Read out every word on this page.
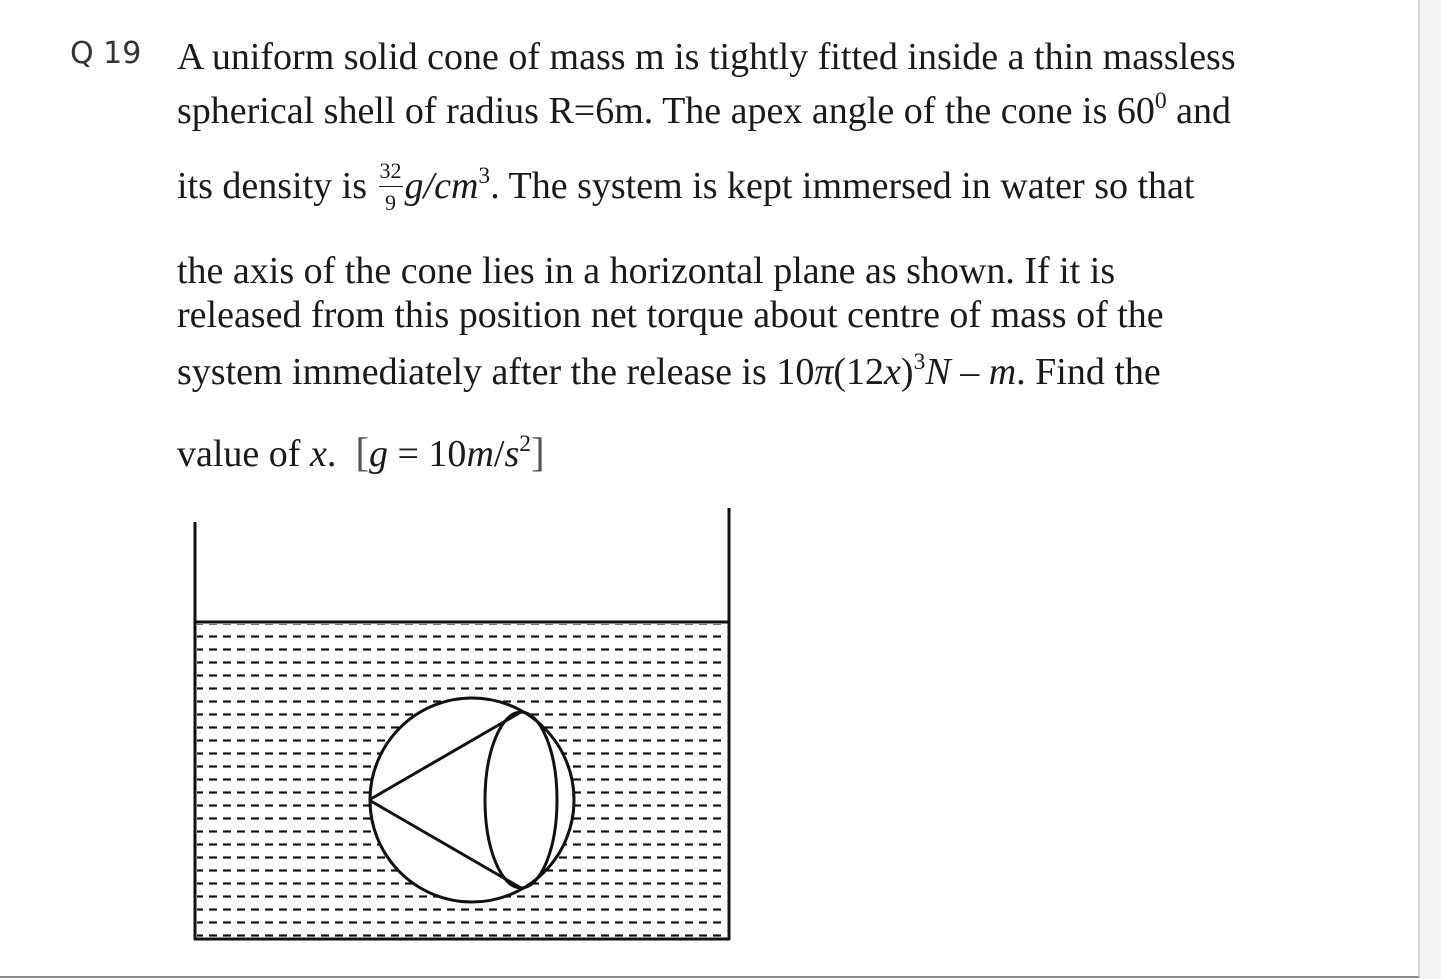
Q 19 A uniform solid cone of mass m is tightly fitted inside a thin massless
spherical shell of radius R=6m. The apex angle of the cone is $60^0$ and
its density is $\frac{32}{9} g/cm^3$. The system is kept immersed in water so that
the axis of the cone lies in a horizontal plane as shown. If it is
released from this position net torque about centre of mass of the
system immediately after the release is $10\pi(12x)^3N$ – m. Find the
value of x. $[g = 10m/s^2]$
